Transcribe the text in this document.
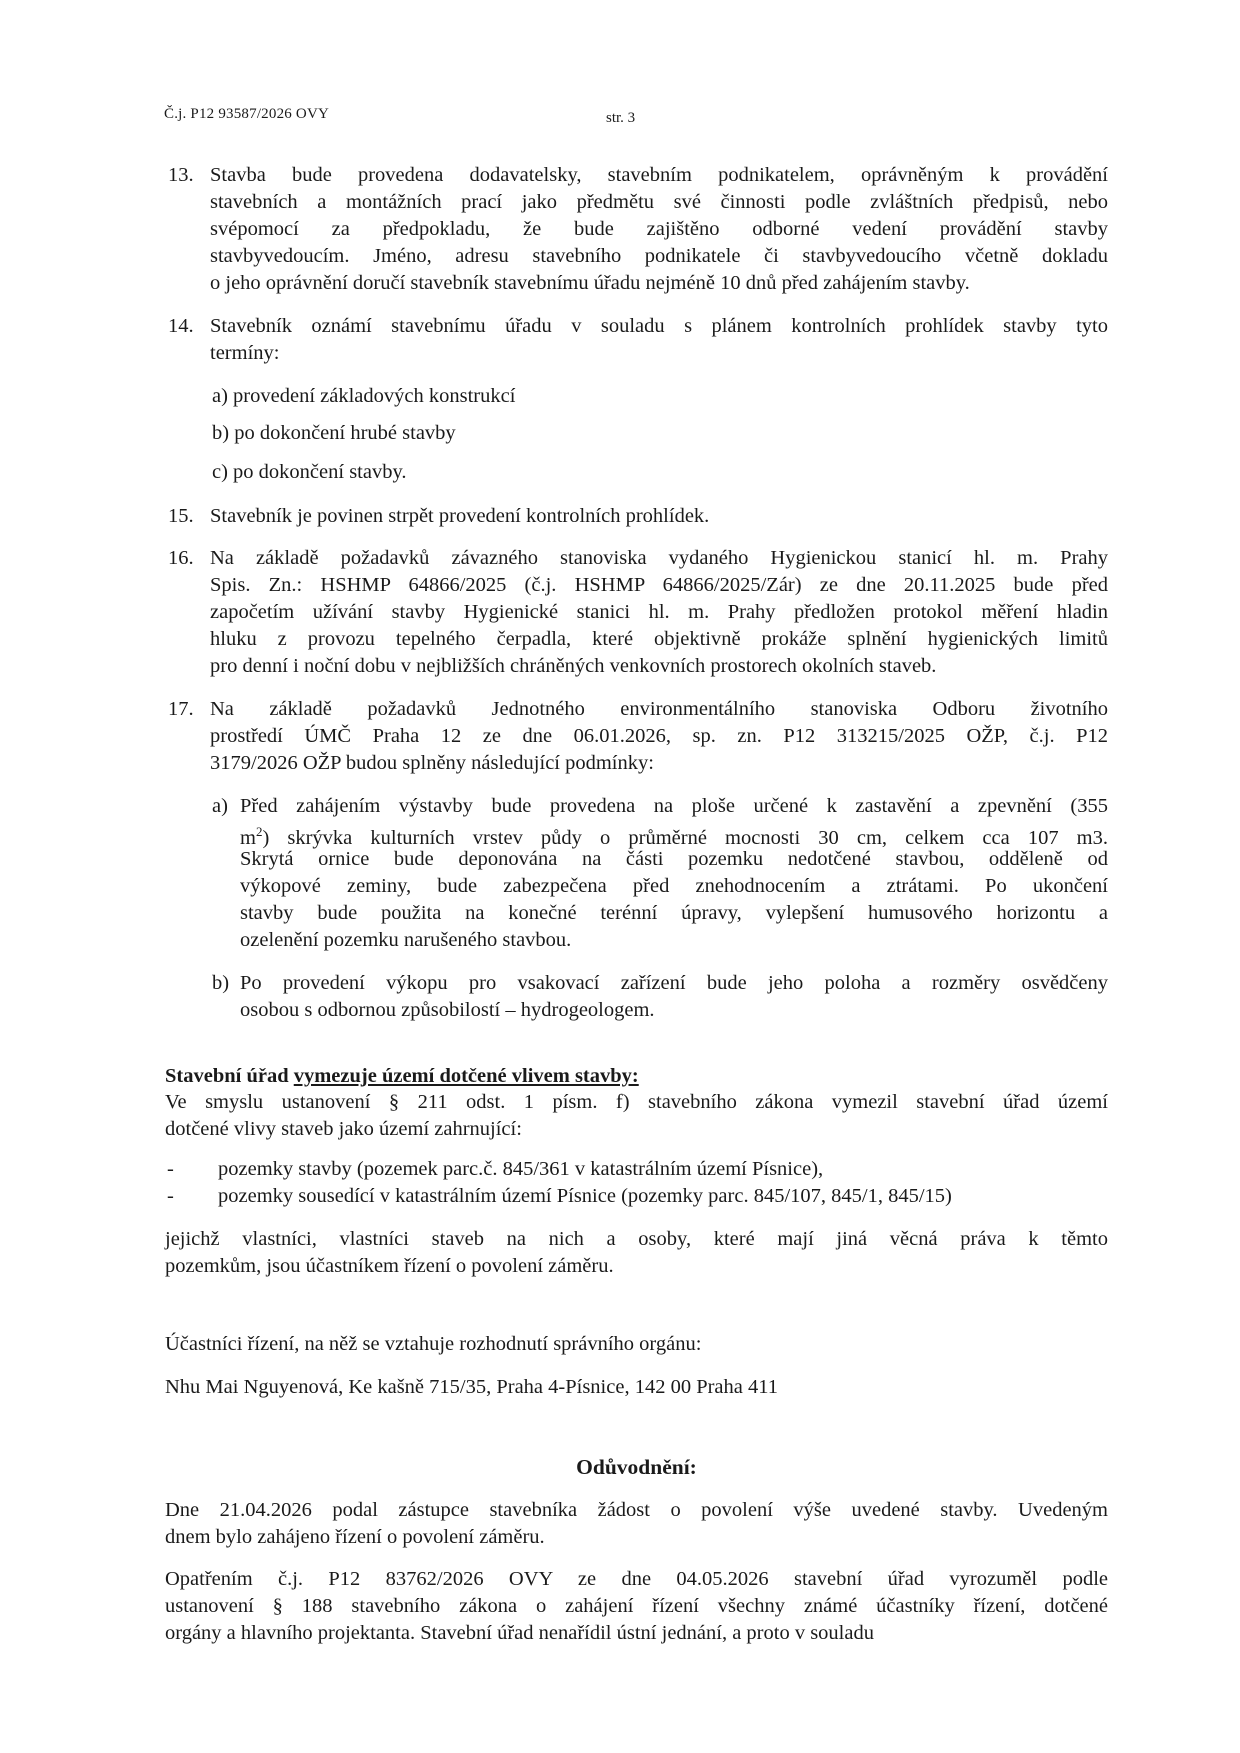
Č.j. P12 93587/2026 OVY	str. 3
13. Stavba bude provedena dodavatelsky, stavebním podnikatelem, oprávněným k provádění
stavebních a montážních prací jako předmětu své činnosti podle zvláštních předpisů, nebo
svépomocí za předpokladu, že bude zajištěno odborné vedení provádění stavby
stavbyvedoucím. Jméno, adresu stavebního podnikatele či stavbyvedoucího včetně dokladu
o jeho oprávnění doručí stavebník stavebnímu úřadu nejméně 10 dnů před zahájením stavby.
14. Stavebník oznámí stavebnímu úřadu v souladu s plánem kontrolních prohlídek stavby tyto
termíny:
a) provedení základových konstrukcí
b) po dokončení hrubé stavby
c) po dokončení stavby.
15. Stavebník je povinen strpět provedení kontrolních prohlídek.
16. Na základě požadavků závazného stanoviska vydaného Hygienickou stanicí hl. m. Prahy
Spis. Zn.: HSHMP 64866/2025 (č.j. HSHMP 64866/2025/Zár) ze dne 20.11.2025 bude před
započetím užívání stavby Hygienické stanici hl. m. Prahy předložen protokol měření hladin
hluku z provozu tepelného čerpadla, které objektivně prokáže splnění hygienických limitů
pro denní i noční dobu v nejbližších chráněných venkovních prostorech okolních staveb.
17. Na základě požadavků Jednotného environmentálního stanoviska Odboru životního
prostředí ÚMČ Praha 12 ze dne 06.01.2026, sp. zn. P12 313215/2025 OŽP, č.j. P12
3179/2026 OŽP budou splněny následující podmínky:
a) Před zahájením výstavby bude provedena na ploše určené k zastavění a zpevnění (355
$m^2$) skrývka kulturních vrstev půdy o průměrné mocnosti 30 cm, celkem cca 107 m3.
Skrytá ornice bude deponována na části pozemku nedotčené stavbou, odděleně od
výkopové zeminy, bude zabezpečena před znehodnocením a ztrátami. Po ukončení
stavby bude použita na konečné terénní úpravy, vylepšení humusového horizontu a
ozelenění pozemku narušeného stavbou.
b) Po provedení výkopu pro vsakovací zařízení bude jeho poloha a rozměry osvědčeny
osobou s odbornou způsobilostí – hydrogeologem.
Stavební úřad vymezuje území dotčené vlivem stavby:
Ve smyslu ustanovení § 211 odst. 1 písm. f) stavebního zákona vymezil stavební úřad území
dotčené vlivy staveb jako území zahrnující:
- pozemky stavby (pozemek parc.č. 845/361 v katastrálním území Písnice),
- pozemky sousedící v katastrálním území Písnice (pozemky parc. 845/107, 845/1, 845/15)
jejichž vlastníci, vlastníci staveb na nich a osoby, které mají jiná věcná práva k těmto
pozemkům, jsou účastníkem řízení o povolení záměru.
Účastníci řízení, na něž se vztahuje rozhodnutí správního orgánu:
Nhu Mai Nguyenová, Ke kašně 715/35, Praha 4-Písnice, 142 00 Praha 411
Odůvodnění:
Dne 21.04.2026 podal zástupce stavebníka žádost o povolení výše uvedené stavby. Uvedeným
dnem bylo zahájeno řízení o povolení záměru.
Opatřením č.j. P12 83762/2026 OVY ze dne 04.05.2026 stavební úřad vyrozuměl podle
ustanovení § 188 stavebního zákona o zahájení řízení všechny známé účastníky řízení, dotčené
orgány a hlavního projektanta. Stavební úřad nenařídil ústní jednání, a proto v souladu
